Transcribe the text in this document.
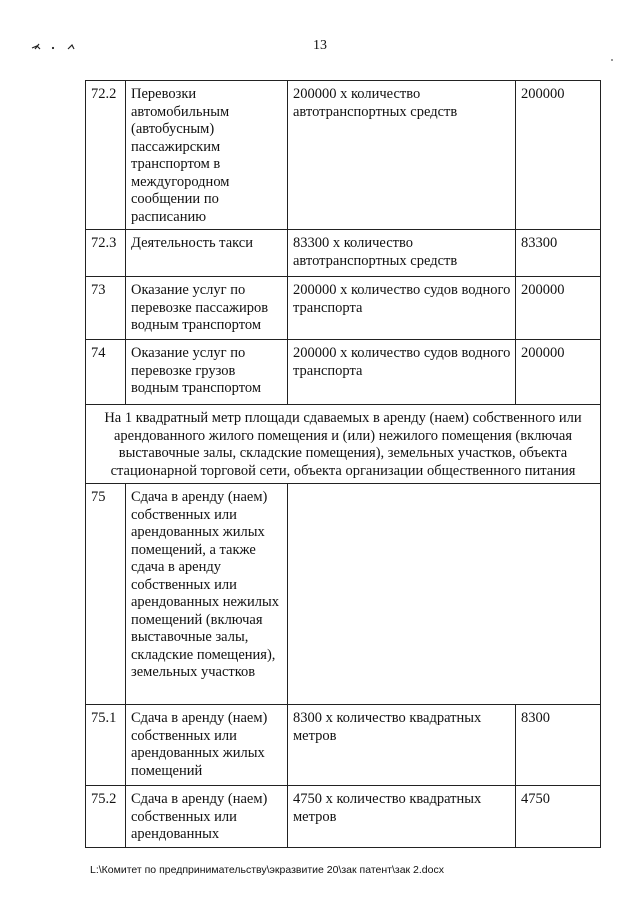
13
72.2	Перевозки автомобильным (автобусным) пассажирским транспортом в междугородном сообщении по расписанию	200000 х количество автотранспортных средств	200000
72.3	Деятельность такси	83300 х количество автотранспортных средств	83300
73	Оказание услуг по перевозке пассажиров водным транспортом	200000 х количество судов водного транспорта	200000
74	Оказание услуг по перевозке грузов водным транспортом	200000 х количество судов водного транспорта	200000
На 1 квадратный метр площади сдаваемых в аренду (наем) собственного или арендованного жилого помещения и (или) нежилого помещения (включая выставочные залы, складские помещения), земельных участков, объекта стационарной торговой сети, объекта организации общественного питания			
75	Сдача в аренду (наем) собственных или арендованных жилых помещений, а также сдача в аренду собственных или арендованных нежилых помещений (включая выставочные залы, складские помещения), земельных участков		
75.1	Сдача в аренду (наем) собственных или арендованных жилых помещений	8300 х количество квадратных метров	8300
75.2	Сдача в аренду (наем) собственных или арендованных	4750 х количество квадратных метров	4750
L:\Комитет по предпринимательству\экразвитие 20\зак патент\зак 2.docx
